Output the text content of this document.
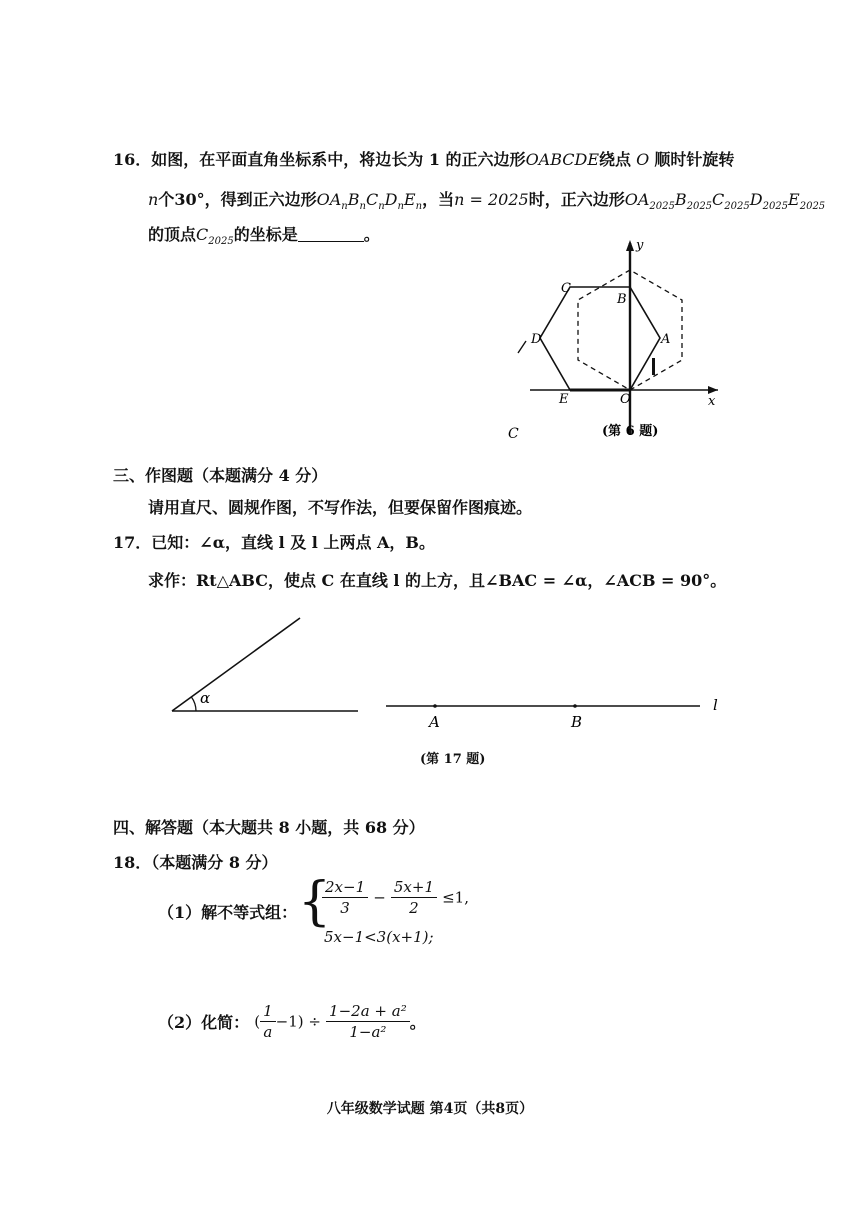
16．如图，在平面直角坐标系中，将边长为 1 的正六边形OABCDE绕点 O 顺时针旋转
n个30°，得到正六边形$OA_nB_nC_nD_nE_n$，当n = 2025时，正六边形$OA_{2025}B_{2025}C_{2025}D_{2025}E_{2025}$
的顶点$C_{2025}$的坐标是	。
C
B
D	A
E	O	x
y
(第 6 题)
C
三、作图题（本题满分 4 分）
请用直尺、圆规作图，不写作法，但要保留作图痕迹。
17．已知：∠α，直线 l 及 l 上两点 A，B。
求作：Rt△ABC，使点 C 在直线 l 的上方，且∠BAC = ∠α，∠ACB = 90°。
α
A	B
l
(第 17 题)
四、解答题（本大题共 8 小题，共 68 分）
18．（本题满分 8 分）
（1）解不等式组： {
$\frac{2x-1}{3} - \frac{5x+1}{2} \le 1$,
5x−1<3(x+1);
（2）化简： ( $\frac{1}{a} -1) \div \frac{\text{1−2a + a²}}{\text{1−a²}}$ 。
八年级数学试题 第4页（共8页）
